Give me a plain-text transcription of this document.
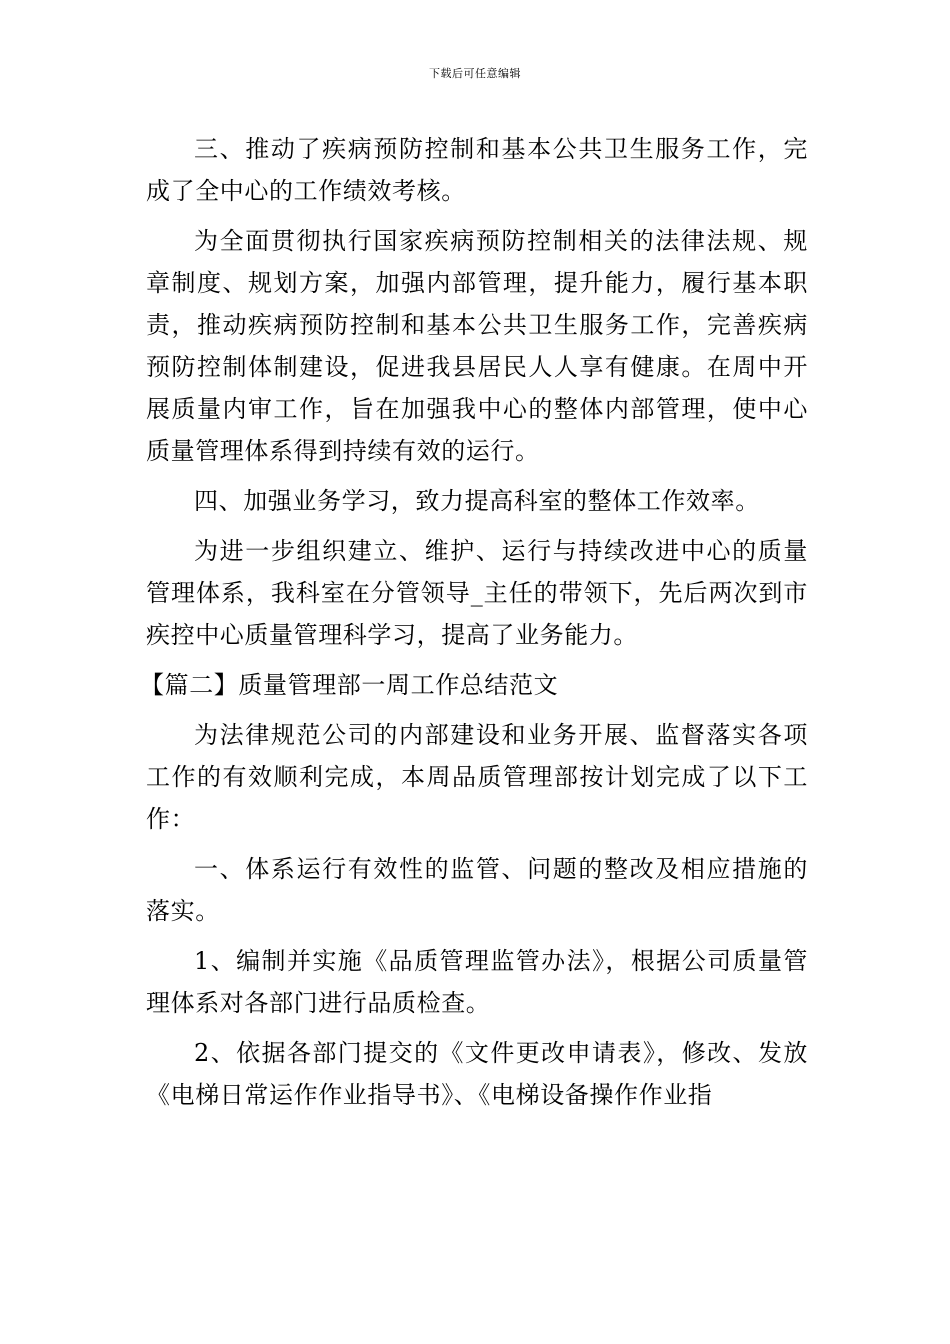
下载后可任意编辑

三、推动了疾病预防控制和基本公共卫生服务工作，完成了全中心的工作绩效考核。

为全面贯彻执行国家疾病预防控制相关的法律法规、规章制度、规划方案，加强内部管理，提升能力，履行基本职责，推动疾病预防控制和基本公共卫生服务工作，完善疾病预防控制体制建设，促进我县居民人人享有健康。在周中开展质量内审工作，旨在加强我中心的整体内部管理，使中心质量管理体系得到持续有效的运行。

四、加强业务学习，致力提高科室的整体工作效率。

为进一步组织建立、维护、运行与持续改进中心的质量管理体系，我科室在分管领导_主任的带领下，先后两次到市疾控中心质量管理科学习，提高了业务能力。

【篇二】质量管理部一周工作总结范文

为法律规范公司的内部建设和业务开展、监督落实各项工作的有效顺利完成，本周品质管理部按计划完成了以下工作：

一、体系运行有效性的监管、问题的整改及相应措施的落实。

1、编制并实施《品质管理监管办法》，根据公司质量管理体系对各部门进行品质检查。

2、依据各部门提交的《文件更改申请表》，修改、发放《电梯日常运作作业指导书》、《电梯设备操作作业指
